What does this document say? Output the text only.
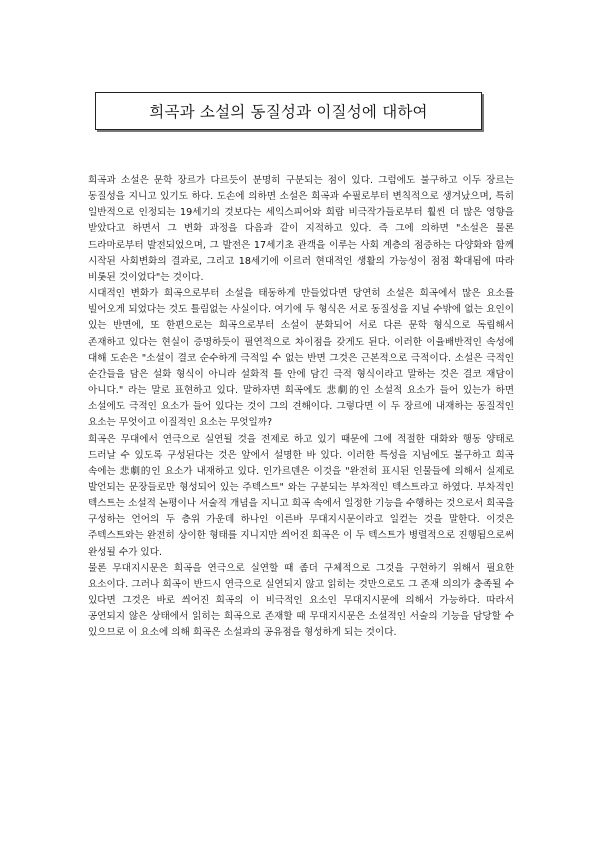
희곡과 소설의 동질성과 이질성에 대하여

희곡과 소설은 문학 장르가 다르듯이 분명히 구분되는 점이 있다. 그럼에도 불구하고 이두 장르는 동질성을 지니고 있기도 하다. 도손에 의하면 소설은 희곡과 수필로부터 변칙적으로 생겨났으며, 특히 일반적으로 인정되는 19세기의 것보다는 세익스피어와 희랍 비극작가들로부터 훨씬 더 많은 영향을 받았다고 하면서 그 변화 과정을 다음과 같이 지적하고 있다. 즉 그에 의하면 "소설은 물론 드라마로부터 발전되었으며, 그 발전은 17세기초 관객을 이루는 사회 계층의 점증하는 다양화와 함께 시작된 사회변화의 결과로, 그리고 18세기에 이르러 현대적인 생활의 가능성이 점점 확대됨에 따라 비롯된 것이었다"는 것이다.

시대적인 변화가 희곡으로부터 소설을 태동하게 만들었다면 당연히 소설은 희곡에서 많은 요소를 빌어오게 되었다는 것도 틀림없는 사실이다. 여기에 두 형식은 서로 동질성을 지닐 수밖에 없는 요인이 있는 반면에, 또 한편으로는 희곡으로부터 소설이 분화되어 서로 다른 문학 형식으로 독립해서 존재하고 있다는 현실이 증명하듯이 필연적으로 차이점을 갖게도 된다. 이러한 이율배반적인 속성에 대해 도손은 "소설이 결코 순수하게 극적일 수 없는 반면 그것은 근본적으로 극적이다. 소설은 극적인 순간들을 담은 설화 형식이 아니라 설화적 틀 안에 담긴 극적 형식이라고 말하는 것은 결코 재담이 아니다." 라는 말로 표현하고 있다. 말하자면 희곡에도 悲劇的인 소설적 요소가 들어 있는가 하면 소설에도 극적인 요소가 들어 있다는 것이 그의 견해이다. 그렇다면 이 두 장르에 내재하는 동질적인 요소는 무엇이고 이질적인 요소는 무엇일까?

희곡은 무대에서 연극으로 실연될 것을 전제로 하고 있기 때문에 그에 적절한 대화와 행동 양태로 드러날 수 있도록 구성된다는 것은 앞에서 설명한 바 있다. 이러한 특성을 지님에도 불구하고 희곡 속에는 悲劇的인 요소가 내재하고 있다. 인가르덴은 이것을 "완전히 표시된 인물들에 의해서 실제로 발언되는 문장들로만 형성되어 있는 주텍스트" 와는 구분되는 부차적인 텍스트라고 하였다. 부차적인 텍스트는 소설적 논평이나 서술적 개념을 지니고 희곡 속에서 일정한 기능을 수행하는 것으로서 희곡을 구성하는 언어의 두 층위 가운데 하나인 이른바 무대지시문이라고 일컫는 것을 말한다. 이것은 주텍스트와는 완전히 상이한 형태를 지니지만 씌어진 희곡은 이 두 텍스트가 병렬적으로 진행됨으로써 완성될 수가 있다.

물론 무대지시문은 희곡을 연극으로 실연할 때 좀더 구체적으로 그것을 구현하기 위해서 필요한 요소이다. 그러나 희곡이 반드시 연극으로 실연되지 않고 읽히는 것만으로도 그 존재 의의가 충족될 수 있다면 그것은 바로 씌어진 희곡의 이 비극적인 요소인 무대지시문에 의해서 가능하다. 따라서 공연되지 않은 상태에서 읽히는 희곡으로 존재할 때 무대지시문은 소설적인 서술의 기능을 담당할 수 있으므로 이 요소에 의해 희곡은 소설과의 공유점을 형성하게 되는 것이다.
